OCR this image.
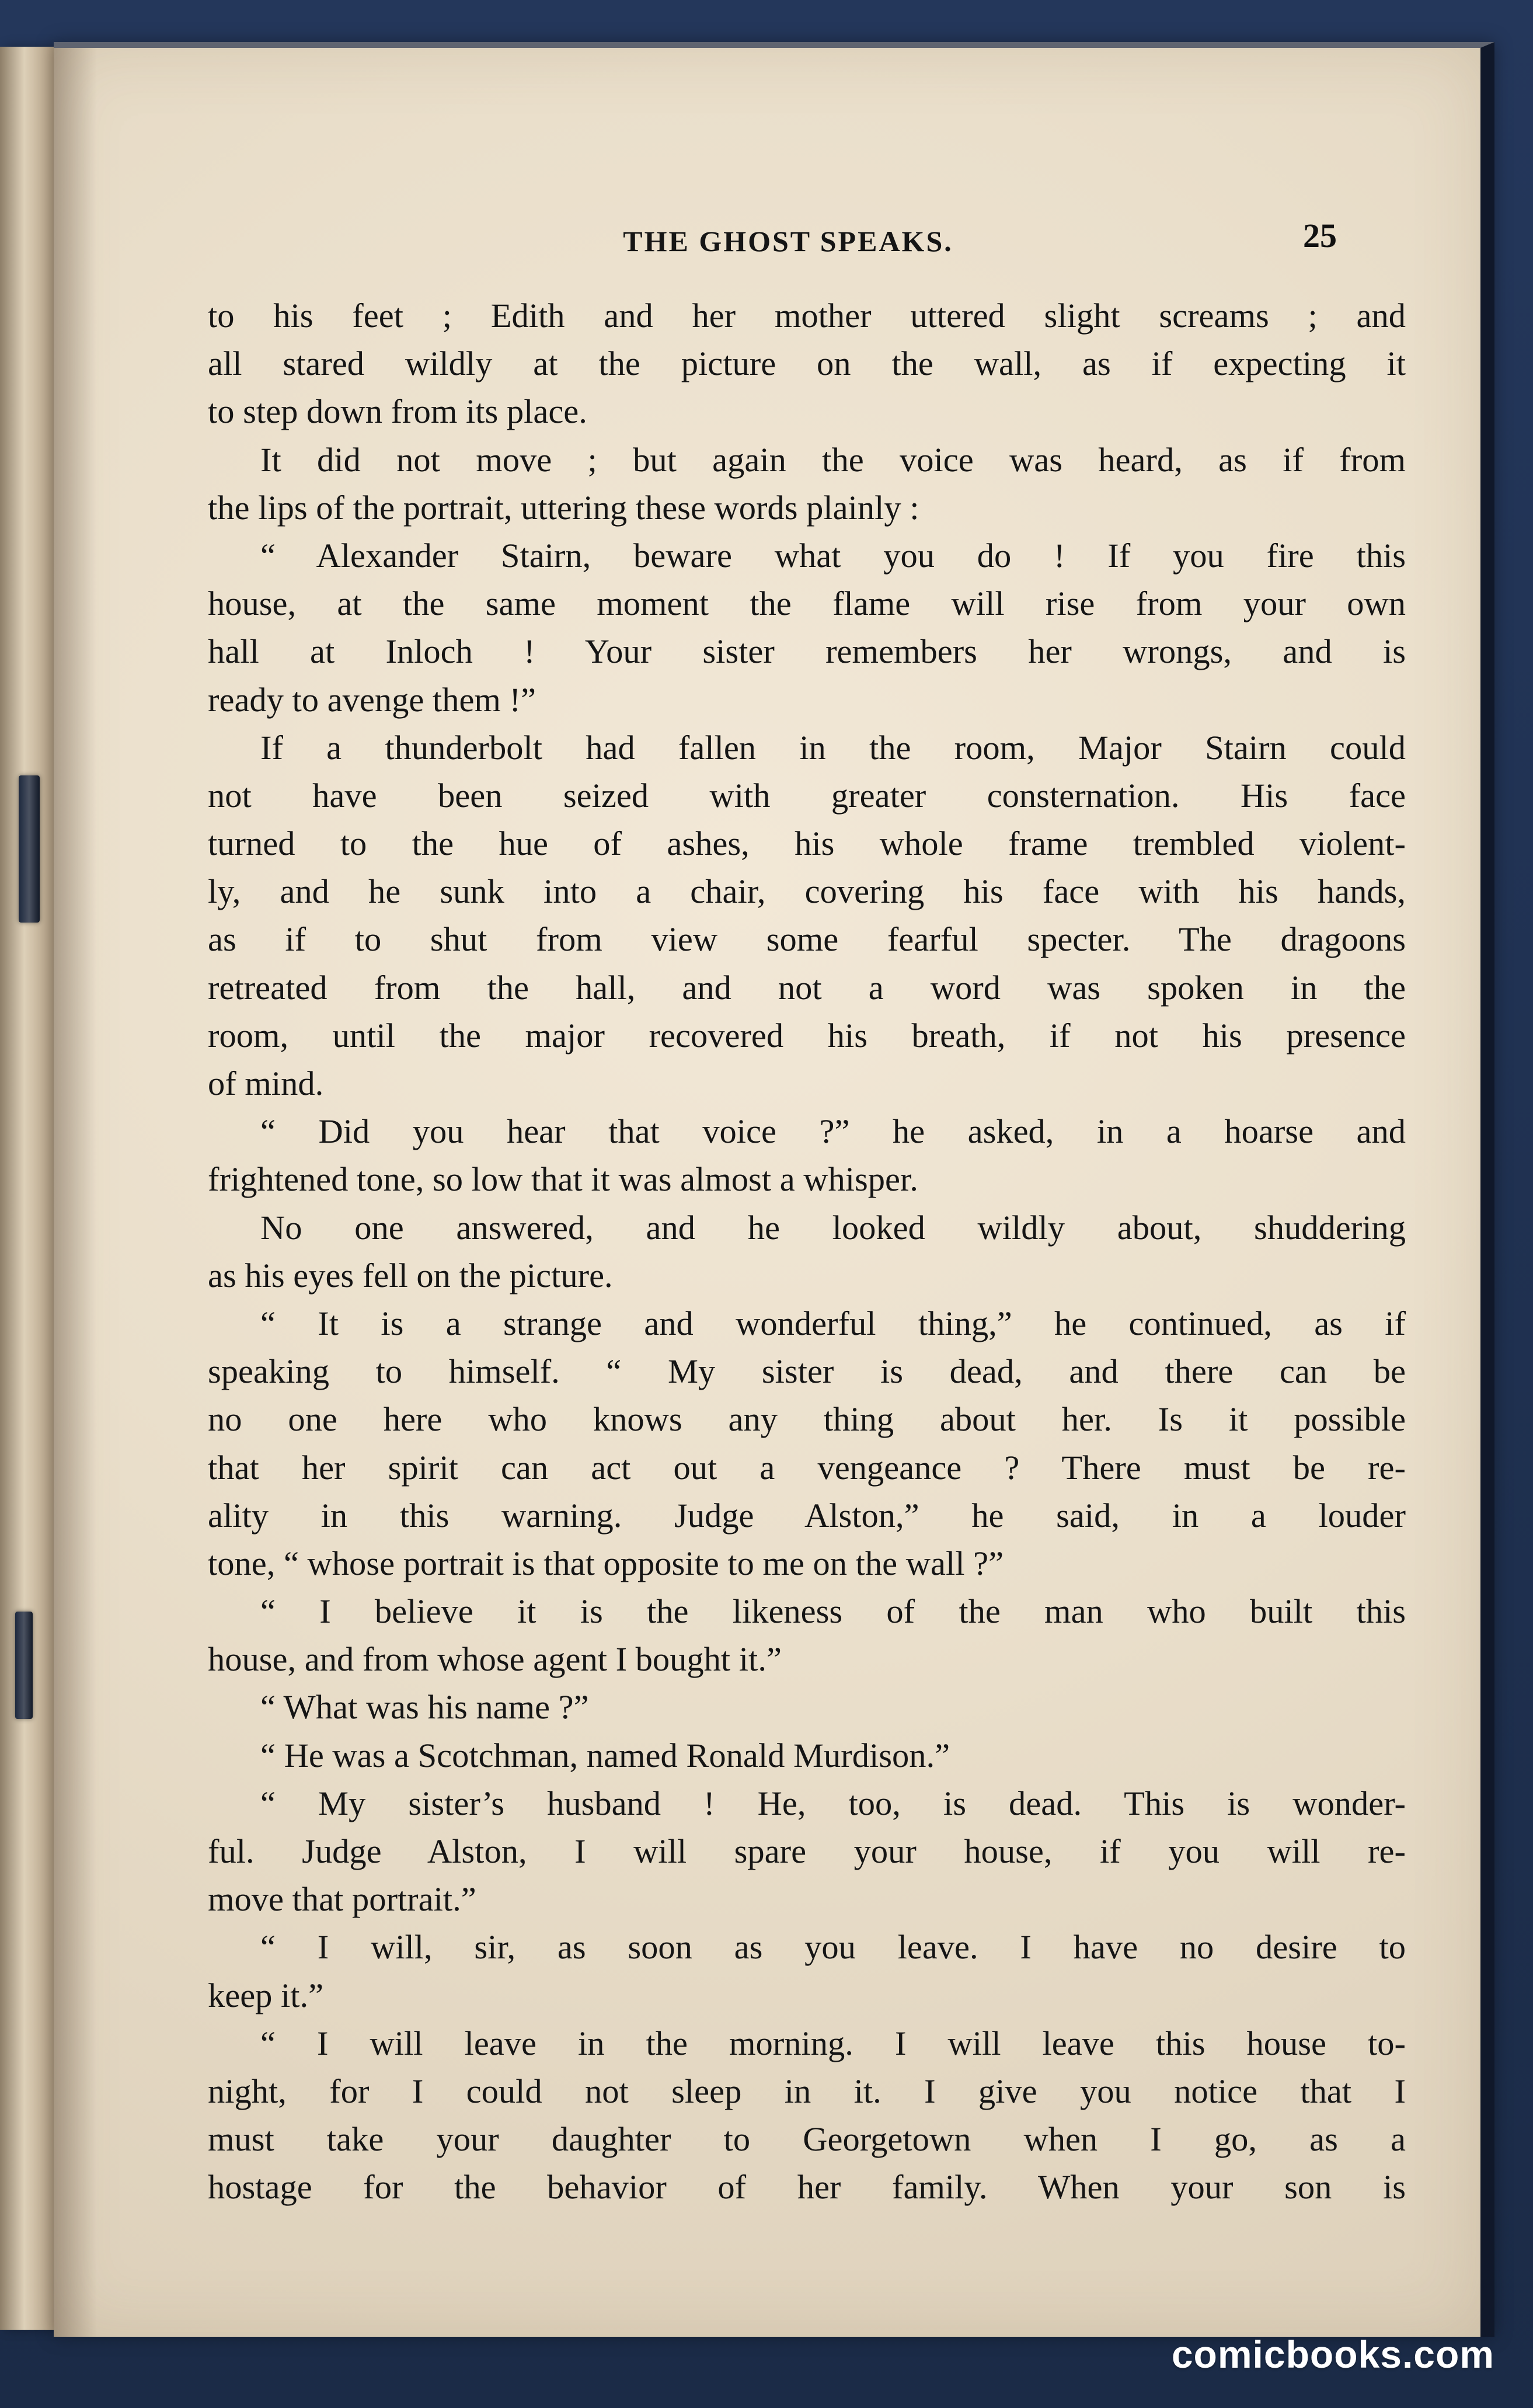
THE GHOST SPEAKS.	25
to his feet ; Edith and her mother uttered slight screams ; and
all stared wildly at the picture on the wall, as if expecting it
to step down from its place.
It did not move ; but again the voice was heard, as if from
the lips of the portrait, uttering these words plainly :
“ Alexander Stairn, beware what you do ! If you fire this
house, at the same moment the flame will rise from your own
hall at Inloch ! Your sister remembers her wrongs, and is
ready to avenge them !”
If a thunderbolt had fallen in the room, Major Stairn could
not have been seized with greater consternation. His face
turned to the hue of ashes, his whole frame trembled violent-
ly, and he sunk into a chair, covering his face with his hands,
as if to shut from view some fearful specter. The dragoons
retreated from the hall, and not a word was spoken in the
room, until the major recovered his breath, if not his presence
of mind.
“ Did you hear that voice ?” he asked, in a hoarse and
frightened tone, so low that it was almost a whisper.
No one answered, and he looked wildly about, shuddering
as his eyes fell on the picture.
“ It is a strange and wonderful thing,” he continued, as if
speaking to himself. “ My sister is dead, and there can be
no one here who knows any thing about her. Is it possible
that her spirit can act out a vengeance ? There must be re-
ality in this warning. Judge Alston,” he said, in a louder
tone, “ whose portrait is that opposite to me on the wall ?”
“ I believe it is the likeness of the man who built this
house, and from whose agent I bought it.”
“ What was his name ?”
“ He was a Scotchman, named Ronald Murdison.”
“ My sister’s husband ! He, too, is dead. This is wonder-
ful. Judge Alston, I will spare your house, if you will re-
move that portrait.”
“ I will, sir, as soon as you leave. I have no desire to
keep it.”
“ I will leave in the morning. I will leave this house to-
night, for I could not sleep in it. I give you notice that I
must take your daughter to Georgetown when I go, as a
hostage for the behavior of her family. When your son is
comicbooks.com
